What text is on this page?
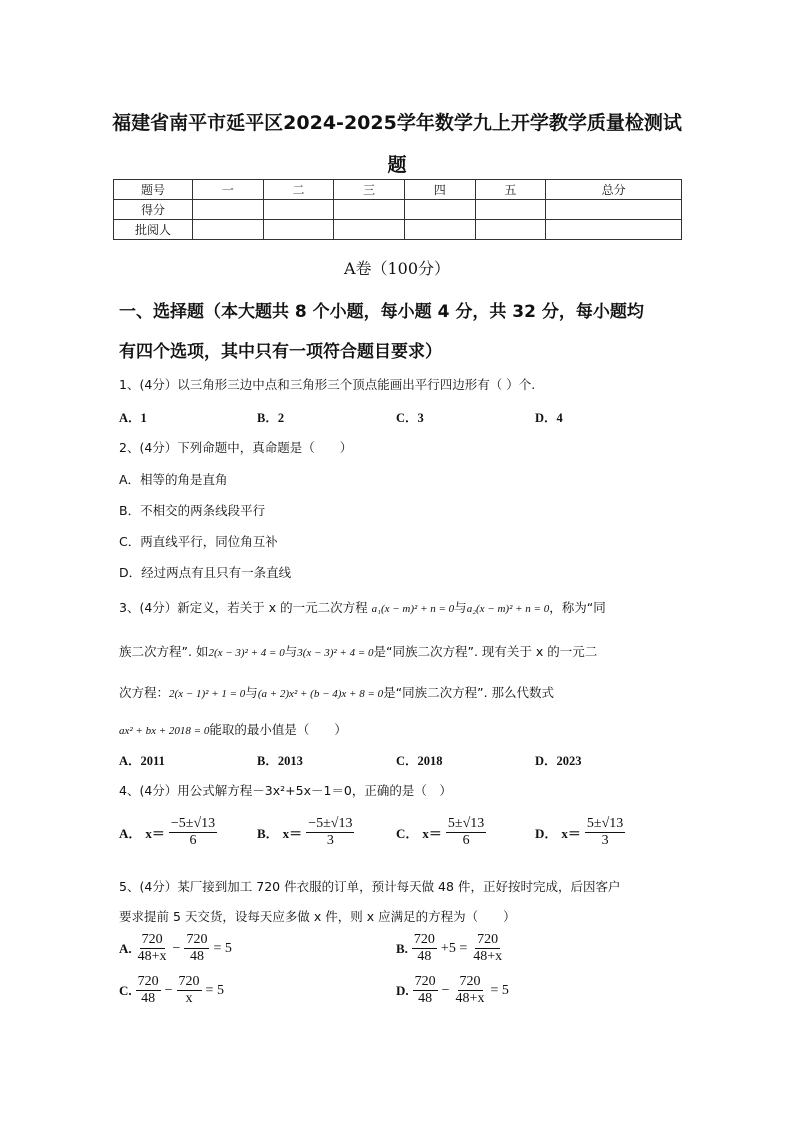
福建省南平市延平区2024-2025学年数学九上开学教学质量检测试
题
题号	一	二	三	四	五	总分
得分						
批阅人						
A卷（100分）
一、选择题（本大题共 8 个小题，每小题 4 分，共 32 分，每小题均
有四个选项，其中只有一项符合题目要求）
1、(4分）以三角形三边中点和三角形三个顶点能画出平行四边形有（ ）个.
A．1	B．2	C．3	D．4
2、(4分）下列命题中，真命题是（　　）
A．相等的角是直角
B．不相交的两条线段平行
C．两直线平行，同位角互补
D．经过两点有且只有一条直线
3、(4分）新定义，若关于 x 的一元二次方程 a₁(x − m)² + n = 0与a₂(x − m)² + n = 0，称为“同
族二次方程”. 如2(x − 3)² + 4 = 0与3(x − 3)² + 4 = 0是“同族二次方程”. 现有关于 x 的一元二
次方程：2(x − 1)² + 1 = 0与(a + 2)x² + (b − 4)x + 8 = 0是“同族二次方程”. 那么代数式
ax² + bx + 2018 = 0能取的最小值是（　　）
A．2011	B．2013	C．2018	D．2023
4、(4分）用公式解方程－3x²+5x－1＝0，正确的是（　）
A． $x= \frac{-5\pm√13}{6}$	B． $x= \frac{-5\pm√13}{3}$	C． $x= \frac{5\pm√13}{6}$	D． $x= \frac{5\pm√13}{3}$
5、(4分）某厂接到加工 720 件衣服的订单，预计每天做 48 件，正好按时完成，后因客户
要求提前 5 天交货，设每天应多做 x 件，则 x 应满足的方程为（　　）
A. $\frac{720}{48+x} - \frac{720}{48} = 5$	B. $\frac{720}{48} +5 = \frac{720}{48+x}$
C. $\frac{720}{48} - \frac{720}{x} = 5$	D. $\frac{720}{48} - \frac{720}{48+x} = 5$
